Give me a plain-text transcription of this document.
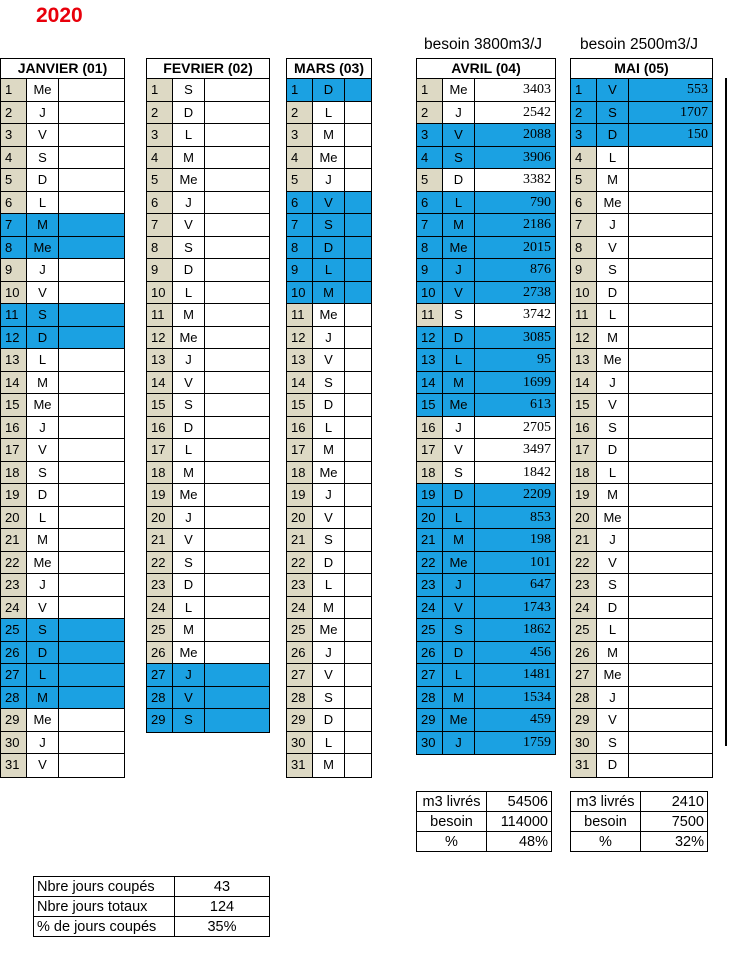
2020
besoin 3800m3/J besoin 2500m3/J
JANVIER (01)
1	Me
2	J
3	V
4	S
5	D
6	L
7	M
8	Me
9	J
10	V
11	S
12	D
13	L
14	M
15	Me
16	J
17	V
18	S
19	D
20	L
21	M
22	Me
23	J
24	V
25	S
26	D
27	L
28	M
29	Me
30	J
31	V
FEVRIER (02)
1	S
2	D
3	L
4	M
5	Me
6	J
7	V
8	S
9	D
10	L
11	M
12	Me
13	J
14	V
15	S
16	D
17	L
18	M
19	Me
20	J
21	V
22	S
23	D
24	L
25	M
26	Me
27	J
28	V
29	S
MARS (03)
1	D
2	L
3	M
4	Me
5	J
6	V
7	S
8	D
9	L
10	M
11	Me
12	J
13	V
14	S
15	D
16	L
17	M
18	Me
19	J
20	V
21	S
22	D
23	L
24	M
25	Me
26	J
27	V
28	S
29	D
30	L
31	M
AVRIL (04)
1	Me	3403
2	J	2542
3	V	2088
4	S	3906
5	D	3382
6	L	790
7	M	2186
8	Me	2015
9	J	876
10	V	2738
11	S	3742
12	D	3085
13	L	95
14	M	1699
15	Me	613
16	J	2705
17	V	3497
18	S	1842
19	D	2209
20	L	853
21	M	198
22	Me	101
23	J	647
24	V	1743
25	S	1862
26	D	456
27	L	1481
28	M	1534
29	Me	459
30	J	1759
MAI (05)
1	V	553
2	S	1707
3	D	150
4	L
5	M
6	Me
7	J
8	V
9	S
10	D
11	L
12	M
13	Me
14	J
15	V
16	S
17	D
18	L
19	M
20	Me
21	J
22	V
23	S
24	D
25	L
26	M
27	Me
28	J
29	V
30	S
31	D
m3 livrés	54506
besoin	114000
%	48%
m3 livrés	2410
besoin	7500
%	32%
Nbre jours coupés	43
Nbre jours totaux	124
% de jours coupés	35%
